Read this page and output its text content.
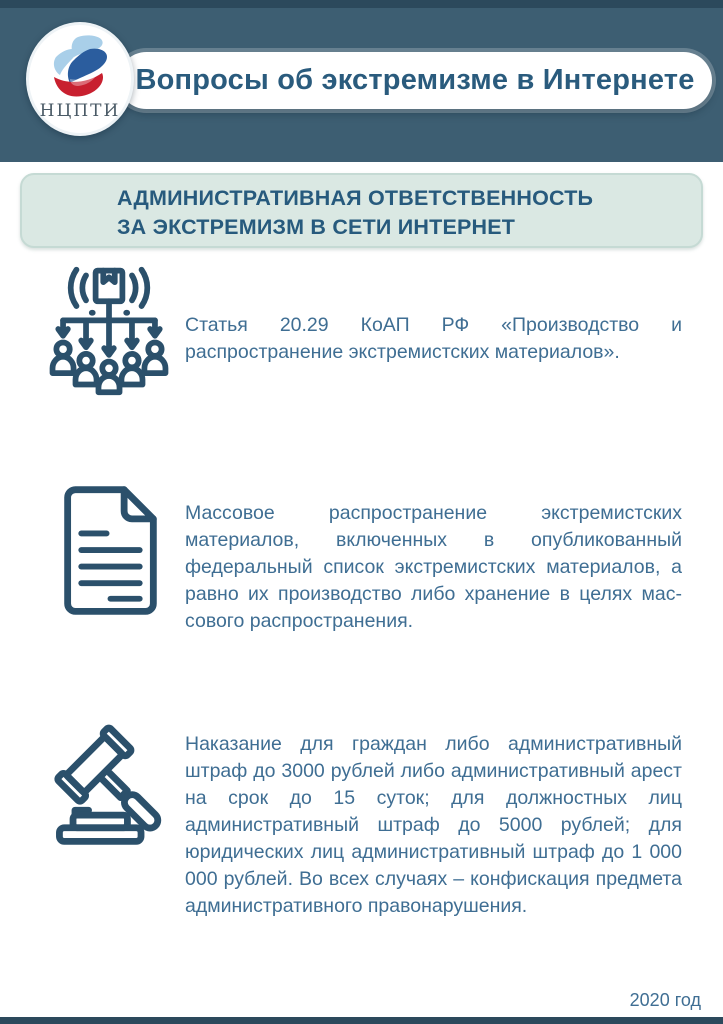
НЦПТИ
Вопросы об экстремизме в Интернете
АДМИНИСТРАТИВНАЯ ОТВЕТСТВЕННОСТЬ
ЗА ЭКСТРЕМИЗМ В СЕТИ ИНТЕРНЕТ

Статья 20.29 КоАП РФ «Производство и распространение экстремистских материалов».

Массовое распространение экстремистских материалов, включенных в опубликованный федеральный список экстремистских материалов, а равно их производство либо хранение в целях массового распространения.

Наказание для граждан либо административный штраф до 3000 рублей либо административный арест на срок до 15 суток; для должностных лиц административный штраф до 5000 рублей; для юридических лиц административный штраф до 1 000 000 рублей. Во всех случаях – конфискация предмета административного правонарушения.

2020 год
